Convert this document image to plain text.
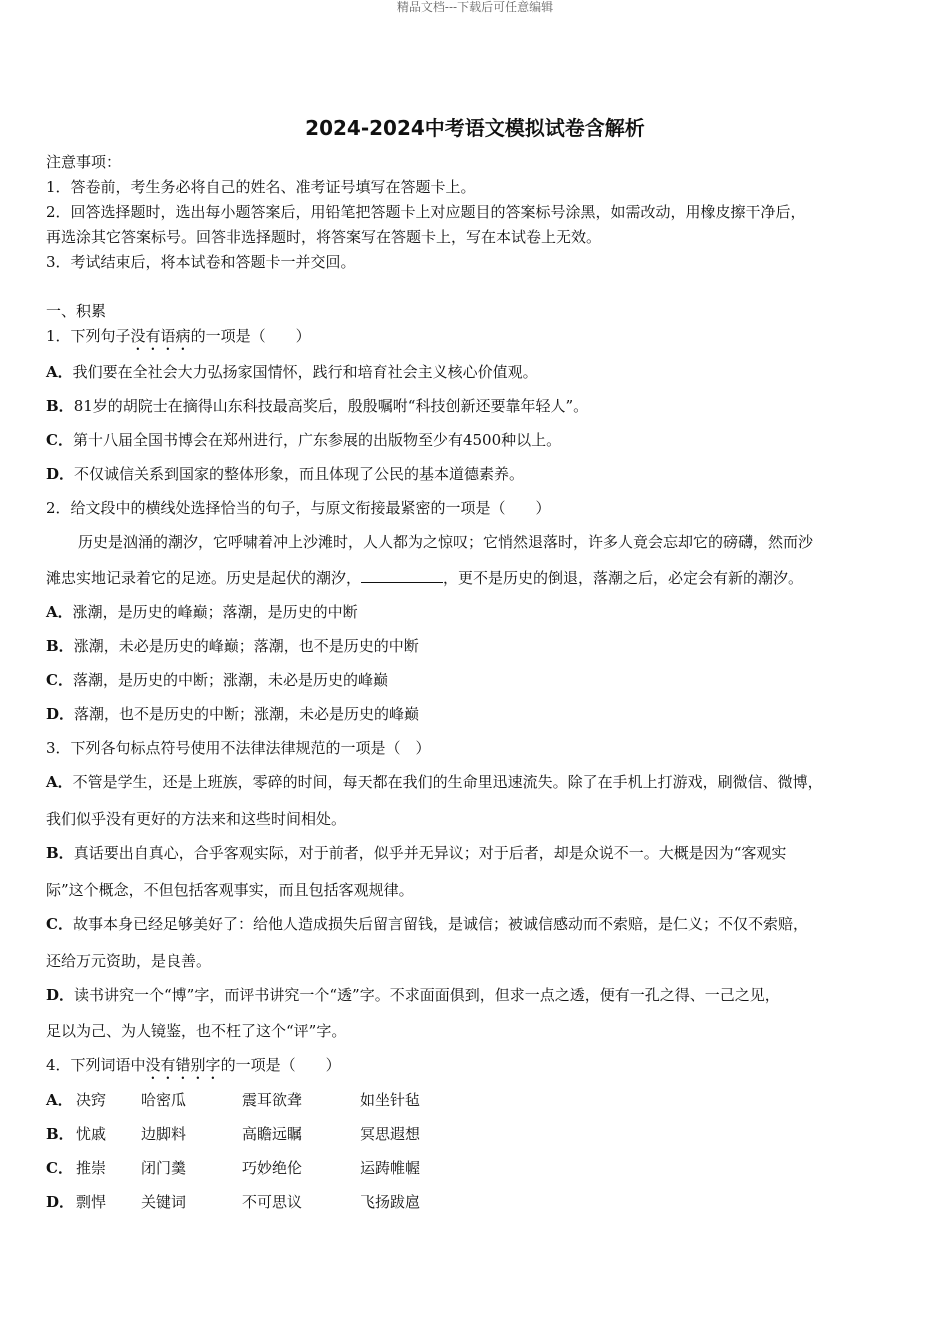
精品文档---下载后可任意编辑
2024-2024中考语文模拟试卷含解析
注意事项：
1．答卷前，考生务必将自己的姓名、准考证号填写在答题卡上。
2．回答选择题时，选出每小题答案后，用铅笔把答题卡上对应题目的答案标号涂黑，如需改动，用橡皮擦干净后，
再选涂其它答案标号。回答非选择题时，将答案写在答题卡上，写在本试卷上无效。
3．考试结束后，将本试卷和答题卡一并交回。
一、积累
1．下列句子没有语病的一项是（　　）
A．我们要在全社会大力弘扬家国情怀，践行和培育社会主义核心价值观。
B．81岁的胡院士在摘得山东科技最高奖后，殷殷嘱咐“科技创新还要靠年轻人”。
C．第十八届全国书博会在郑州进行，广东参展的出版物至少有4500种以上。
D．不仅诚信关系到国家的整体形象，而且体现了公民的基本道德素养。
2．给文段中的横线处选择恰当的句子，与原文衔接最紧密的一项是（　　）
历史是汹涌的潮汐，它呼啸着冲上沙滩时，人人都为之惊叹；它悄然退落时，许多人竟会忘却它的磅礴，然而沙
滩忠实地记录着它的足迹。历史是起伏的潮汐，	，更不是历史的倒退，落潮之后，必定会有新的潮汐。
A．涨潮，是历史的峰巅；落潮，是历史的中断
B．涨潮，未必是历史的峰巅；落潮，也不是历史的中断
C．落潮，是历史的中断；涨潮，未必是历史的峰巅
D．落潮，也不是历史的中断；涨潮，未必是历史的峰巅
3．下列各句标点符号使用不法律法律规范的一项是（　）
A．不管是学生，还是上班族，零碎的时间，每天都在我们的生命里迅速流失。除了在手机上打游戏，刷微信、微博，
我们似乎没有更好的方法来和这些时间相处。
B．真话要出自真心，合乎客观实际，对于前者，似乎并无异议；对于后者，却是众说不一。大概是因为“客观实
际”这个概念，不但包括客观事实，而且包括客观规律。
C．故事本身已经足够美好了：给他人造成损失后留言留钱，是诚信；被诚信感动而不索赔，是仁义；不仅不索赔，
还给万元资助，是良善。
D．读书讲究一个“博”字，而评书讲究一个“透”字。不求面面俱到，但求一点之透，便有一孔之得、一己之见，
足以为己、为人镜鉴，也不枉了这个“评”字。
4．下列词语中没有错别字的一项是（　　）
A． 决窍 哈密瓜	震耳欲聋	如坐针毡
B． 忧戚 边脚料	高瞻远瞩	冥思遐想
C． 推崇 闭门羹	巧妙绝伦	运踌帷幄
D． 剽悍 关键词	不可思议	飞扬跋扈
